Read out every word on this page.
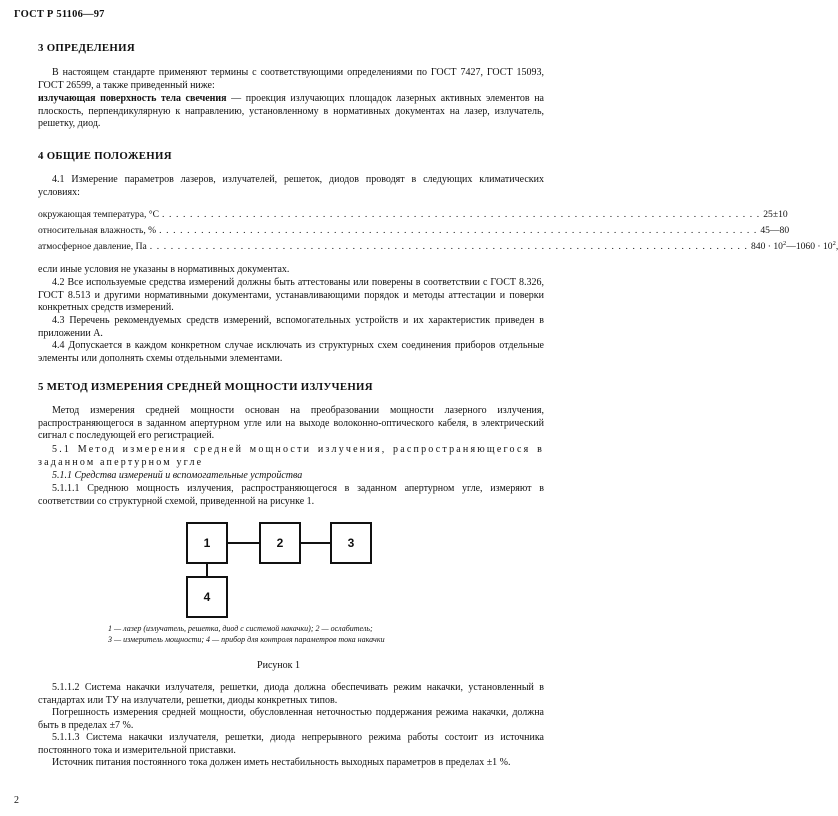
ГОСТ Р 51106—97
3 ОПРЕДЕЛЕНИЯ
В настоящем стандарте применяют термины с соответствующими определениями по ГОСТ 7427, ГОСТ 15093, ГОСТ 26599, а также приведенный ниже:
излучающая поверхность тела свечения — проекция излучающих площадок лазерных активных элементов на плоскость, перпендикулярную к направлению, установленному в нормативных документах на лазер, излучатель, решетку, диод.
4 ОБЩИЕ ПОЛОЖЕНИЯ
4.1 Измерение параметров лазеров, излучателей, решеток, диодов проводят в следующих климатических условиях:
окружающая температура, °C . . . . . . . . . . . . . . . . . . . . . . . . . . . . . . . . . . . . . . . . . . . . . . . . . . . . . . . . . . . . . . . . . . . . . . . . . . . . . . . . . . . . . . 25±10
относительная влажность, % . . . . . . . . . . . . . . . . . . . . . . . . . . . . . . . . . . . . . . . . . . . . . . . . . . . . . . . . . . . . . . . . . . . . . . . . . . . . . . . . . . . . . . 45—80
атмосферное давление, Па . . . . . . . . . . . . . . . . . . . . . . . . . . . . . . . . . . . . . . . . . . . . . . . . . . . . . . . . . . . . . . . . . . . . . . . . . . . . . . . . . . . . . . $840 \cdot 10^2—1060 \cdot 10^2$
если иные условия не указаны в нормативных документах.
4.2 Все используемые средства измерений должны быть аттестованы или поверены в соответствии с ГОСТ 8.326, ГОСТ 8.513 и другими нормативными документами, устанавливающими порядок и методы аттестации и поверки конкретных средств измерений.
4.3 Перечень рекомендуемых средств измерений, вспомогательных устройств и их характеристик приведен в приложении А.
4.4 Допускается в каждом конкретном случае исключать из структурных схем соединения приборов отдельные элементы или дополнять схемы отдельными элементами.
5 МЕТОД ИЗМЕРЕНИЯ СРЕДНЕЙ МОЩНОСТИ ИЗЛУЧЕНИЯ
Метод измерения средней мощности основан на преобразовании мощности лазерного излучения, распространяющегося в заданном апертурном угле или на выходе волоконно-оптического кабеля, в электрический сигнал с последующей его регистрацией.
5.1 Метод измерения средней мощности излучения, распространяющегося в заданном апертурном угле
5.1.1 Средства измерений и вспомогательные устройства
5.1.1.1 Среднюю мощность излучения, распространяющегося в заданном апертурном угле, измеряют в соответствии со структурной схемой, приведенной на рисунке 1.
1	2	3
4
1 — лазер (излучатель, решетка, диод с системой накачки); 2 — ослабитель;
3 — измеритель мощности; 4 — прибор для контроля параметров тока накачки
Рисунок 1
5.1.1.2 Система накачки излучателя, решетки, диода должна обеспечивать режим накачки, установленный в стандартах или ТУ на излучатели, решетки, диоды конкретных типов.
Погрешность измерения средней мощности, обусловленная неточностью поддержания режима накачки, должна быть в пределах ±7 %.
5.1.1.3 Система накачки излучателя, решетки, диода непрерывного режима работы состоит из источника постоянного тока и измерительной приставки.
Источник питания постоянного тока должен иметь нестабильность выходных параметров в пределах ±1 %.
2
